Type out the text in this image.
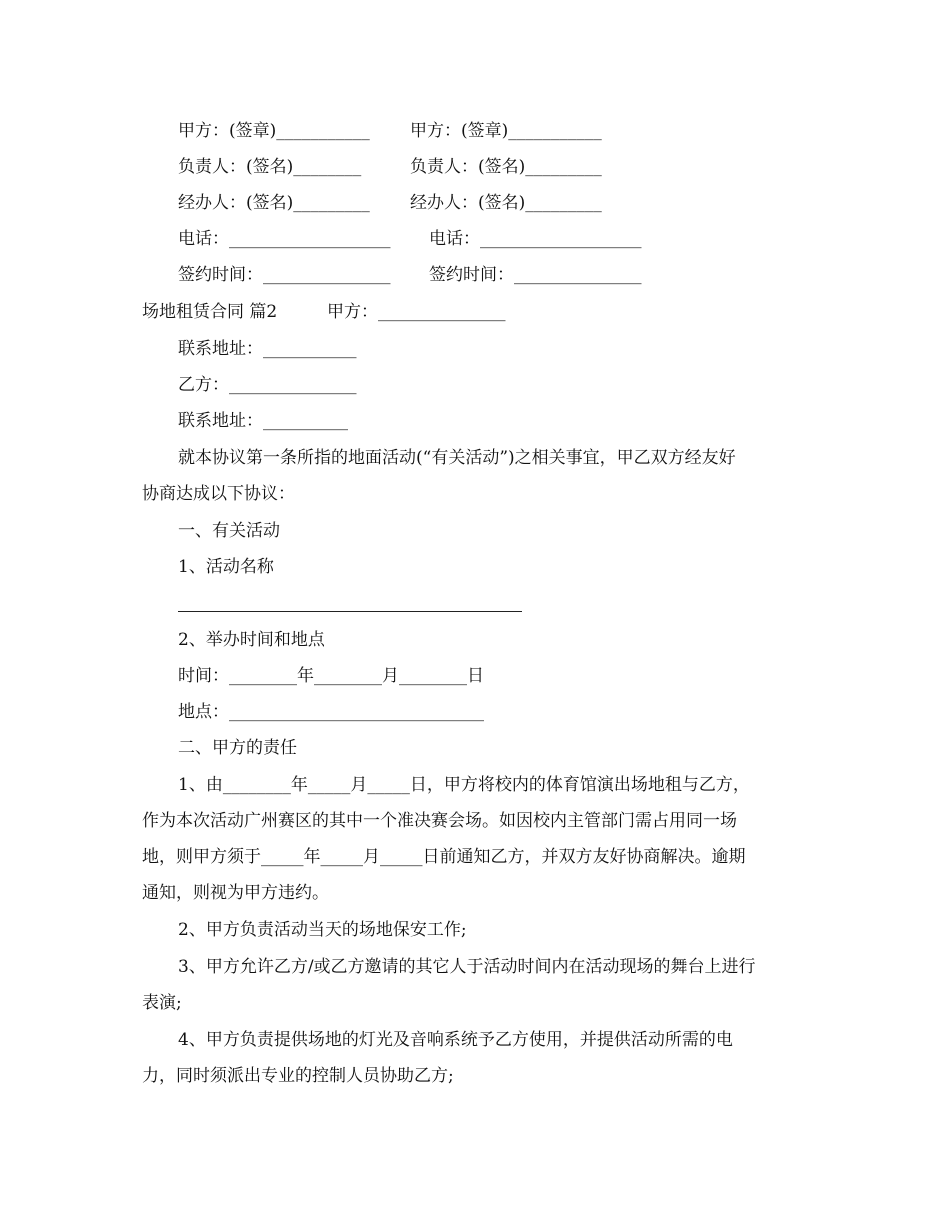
甲方：(签章)___________ 甲方：(签章)___________
负责人：(签名)________	负责人：(签名)_________
经办人：(签名)_________ 经办人：(签名)_________
电话：___________________ 电话：___________________
签约时间：_______________ 签约时间：_______________
场地租赁合同 篇2	甲方：_______________
联系地址：___________
乙方：_______________
联系地址：__________
就本协议第一条所指的地面活动(“有关活动”)之相关事宜，甲乙双方经友好
协商达成以下协议：
一、有关活动
1、活动名称
2、举办时间和地点
时间：________年________月________日
地点：______________________________
二、甲方的责任
1、由________年_____月_____日，甲方将校内的体育馆演出场地租与乙方，
作为本次活动广州赛区的其中一个准决赛会场。如因校内主管部门需占用同一场
地，则甲方须于_____年_____月_____日前通知乙方，并双方友好协商解决。逾期
通知，则视为甲方违约。
2、甲方负责活动当天的场地保安工作;
3、甲方允许乙方/或乙方邀请的其它人于活动时间内在活动现场的舞台上进行
表演;
4、甲方负责提供场地的灯光及音响系统予乙方使用，并提供活动所需的电
力，同时须派出专业的控制人员协助乙方;
